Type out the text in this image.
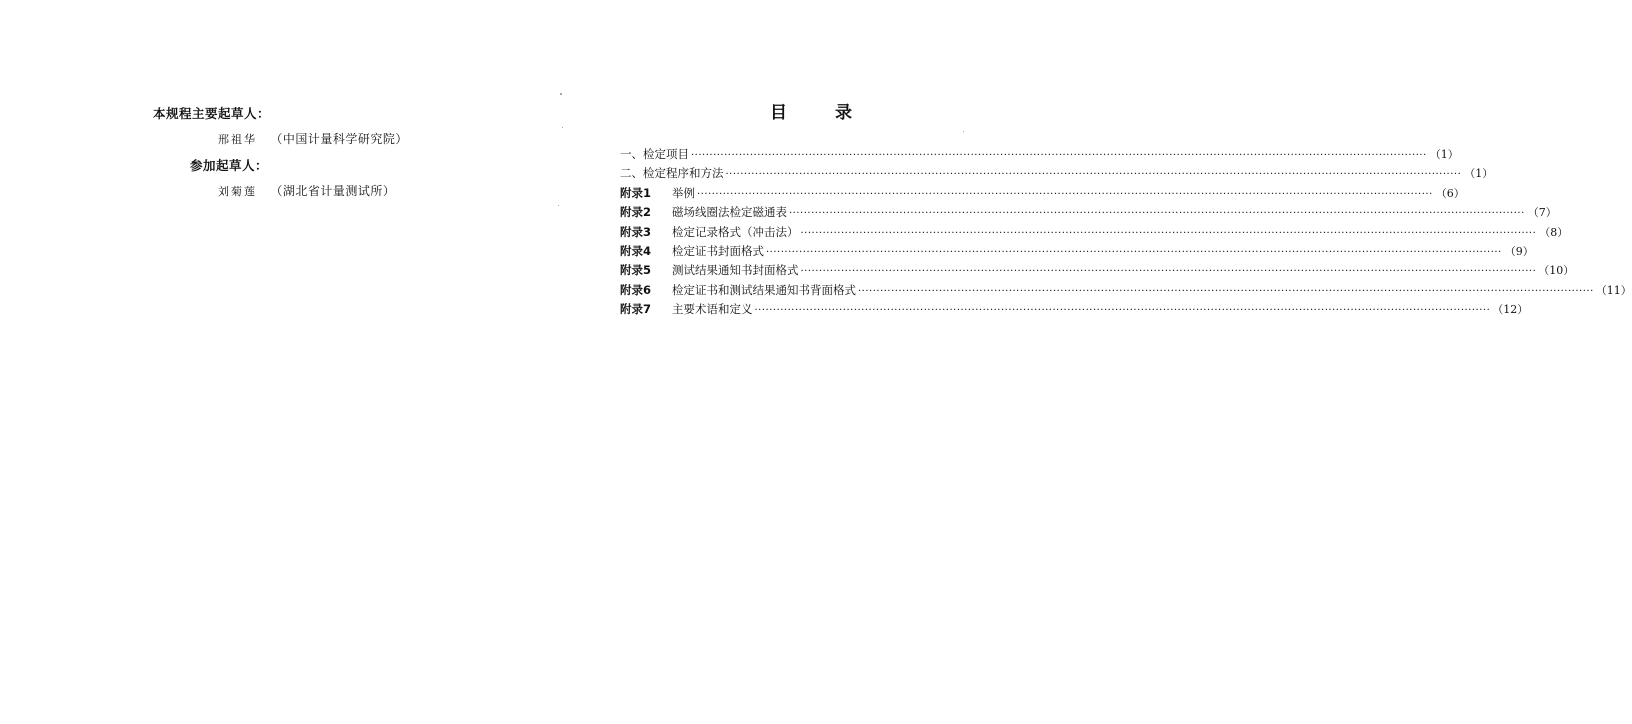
本规程主要起草人：
邢祖华 （中国计量科学研究院）
参加起草人：
刘菊莲 （湖北省计量测试所）
目	录
一、检定项目 ········································································································································································································ （1）
二、检定程序和方法 ········································································································································································································ （1）
附录1	举例 ········································································································································································································ （6）
附录2	磁场线圈法检定磁通表 ········································································································································································································ （7）
附录3	检定记录格式（冲击法） ········································································································································································································ （8）
附录4	检定证书封面格式 ········································································································································································································ （9）
附录5	测试结果通知书封面格式 ········································································································································································································ （10）
附录6	检定证书和测试结果通知书背面格式 ········································································································································································································ （11）
附录7	主要术语和定义 ········································································································································································································ （12）
